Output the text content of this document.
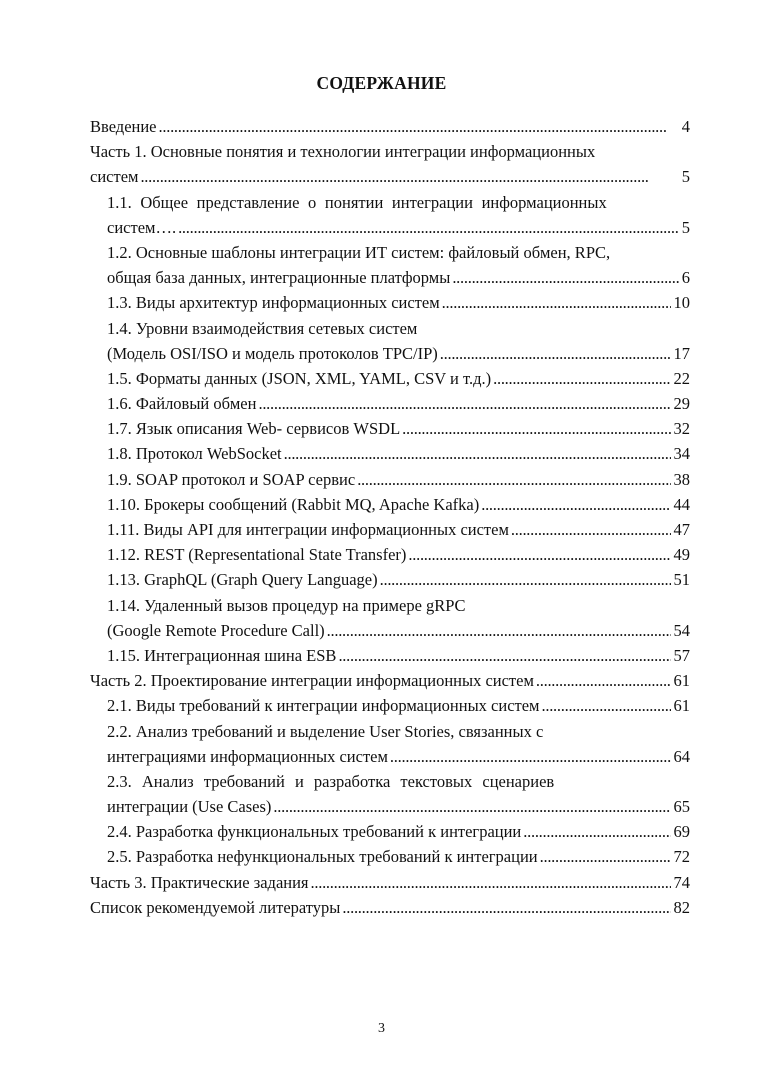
СОДЕРЖАНИЕ
Введение . . .	4
Часть 1. Основные понятия и технологии интеграции информационных
систем . . .	5
1.1. Общее представление о понятии интеграции информационных
систем…. . . .	5
1.2. Основные шаблоны интеграции ИТ систем: файловый обмен, RPC,
общая база данных, интеграционные платформы . . .	6
1.3. Виды архитектур информационных систем . . .	10
1.4. Уровни взаимодействия сетевых систем
(Модель OSI/ISO и модель протоколов TPC/IP) . . .	17
1.5. Форматы данных (JSON, XML, YAML, CSV и т.д.) . . .	22
1.6. Файловый обмен . . .	29
1.7. Язык описания Web- сервисов WSDL . . .	32
1.8. Протокол WebSocket . . .	34
1.9. SOAP протокол и SOAP сервис . . .	38
1.10. Брокеры сообщений (Rabbit MQ, Apache Kafka) . . .	44
1.11. Виды API для интеграции информационных систем . . .	47
1.12. REST (Representational State Transfer) . . .	49
1.13. GraphQL (Graph Query Language) . . .	51
1.14. Удаленный вызов процедур на примере gRPC
(Google Remote Procedure Call) . . .	54
1.15. Интеграционная шина ESB . . .	57
Часть 2. Проектирование интеграции информационных систем . . .	61
2.1. Виды требований к интеграции информационных систем . . .	61
2.2. Анализ требований и выделение User Stories, связанных с
интеграциями информационных систем . . .	64
2.3. Анализ требований и разработка текстовых сценариев
интеграции (Use Cases) . . .	65
2.4. Разработка функциональных требований к интеграции . . .	69
2.5. Разработка нефункциональных требований к интеграции . . .	72
Часть 3. Практические задания . . .	74
Список рекомендуемой литературы . . .	82
3
